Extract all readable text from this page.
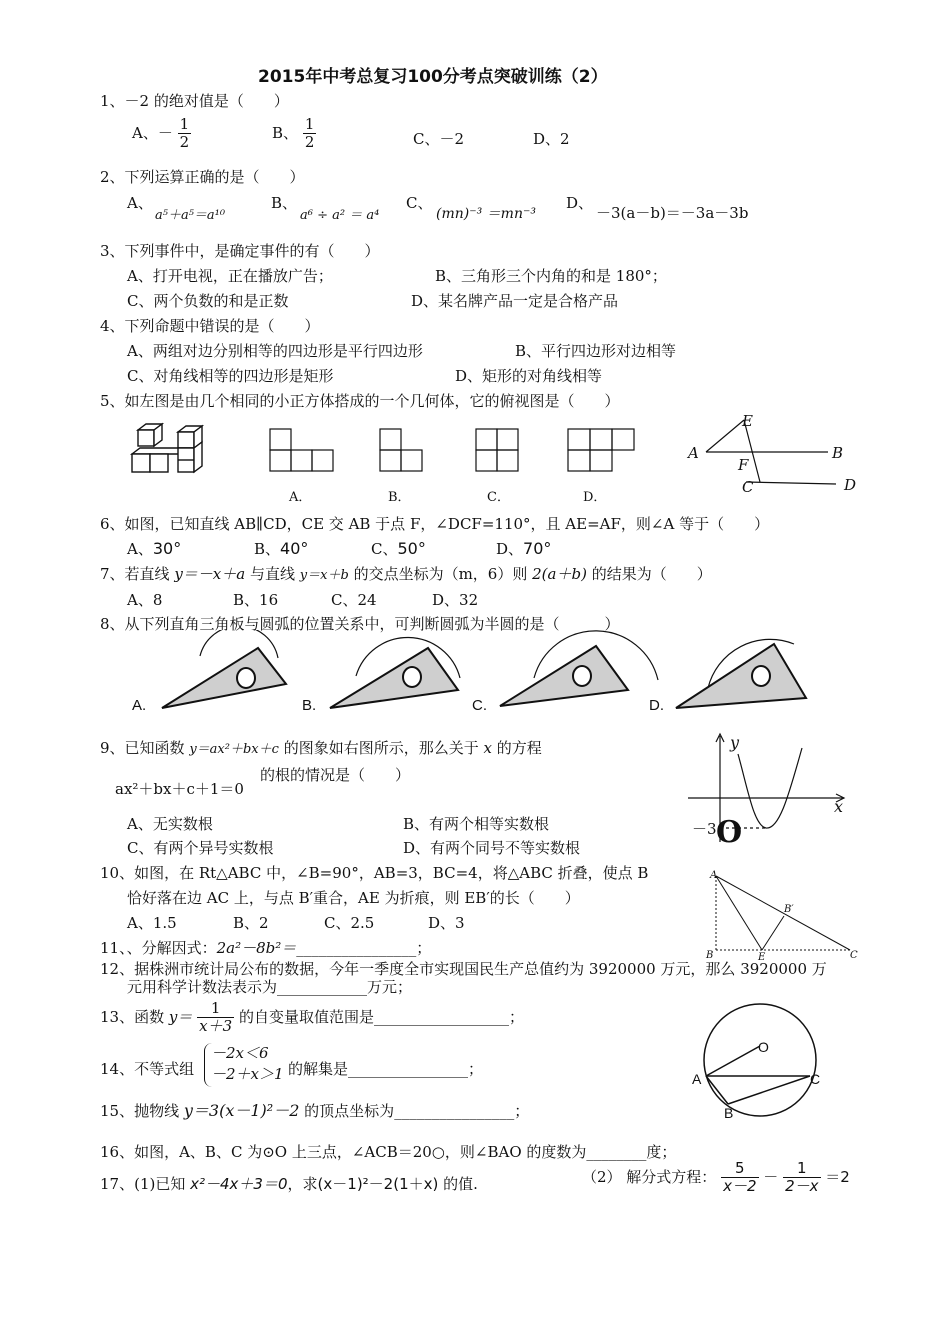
2015年中考总复习100分考点突破训练（2）
1、－2 的绝对值是（　　）
A、－ $\frac{1}{2}$	B、 $\frac{1}{2}$	C、－2	D、2
2、下列运算正确的是（　　）
A、
a⁵＋a⁵＝a¹⁰
B、
a⁶ ÷ a² ＝ a⁴
C、
(mn)⁻³ ＝mn⁻³
D、
－3(a－b)＝－3a－3b
3、下列事件中，是确定事件的有（　　）
A、打开电视，正在播放广告；	B、三角形三个内角的和是 180°；
C、两个负数的和是正数	D、某名牌产品一定是合格产品
4、下列命题中错误的是（　　）
A、两组对边分别相等的四边形是平行四边形	B、平行四边形对边相等
C、对角线相等的四边形是矩形	D、矩形的对角线相等
5、如左图是由几个相同的小正方体搭成的一个几何体，它的俯视图是（　　）
A．	B．	C．	D．
A
E
F
B
C	D
6、如图，已知直线 AB∥CD，CE 交 AB 于点 F，∠DCF=110°，且 AE=AF，则∠A 等于（　　）
A、30°	B、40°	C、50°	D、70°
7、若直线 y＝－x＋a 与直线 y＝x＋b 的交点坐标为（m，6）则 2(a＋b) 的结果为（　　）
A、8	B、16	C、24	D、32
8、从下列直角三角板与圆弧的位置关系中，可判断圆弧为半圆的是（　　　）
A.	B.	C.	D.
9、已知函数 y＝ax²＋bx＋c 的图象如右图所示，那么关于 x 的方程
ax²＋bx＋c＋1＝0
的根的情况是（　　）
A、无实数根	B、有两个相等实数根
C、有两个异号实数根	D、有两个同号不等实数根
y
x
O
－3
10、如图，在 Rt△ABC 中，∠B=90°，AB=3，BC=4，将△ABC 折叠，使点 B
恰好落在边 AC 上，与点 B′重合，AE 为折痕，则 EB′的长（　　）
A、1.5	B、2	C、2.5	D、3
A
B	E	C
B′
11、、分解因式：2a²－8b²＝________________；
12、据株洲市统计局公布的数据，今年一季度全市实现国民生产总值约为 3920000 万元，那么 3920000 万
元用科学计数法表示为____________万元；
13、函数 $y= \frac{1}{x+3}$ 的自变量取值范围是__________________；
14、不等式组
－2x＜6
－2＋x＞1 的解集是________________；
15、抛物线 y＝3(x－1)²－2 的顶点坐标为________________；
O
A
B
C
16、如图，A、B、C 为⊙O 上三点，∠ACB＝20○，则∠BAO 的度数为________度；
17、(1)已知 x²－4x＋3＝0，求(x－1)²－2(1＋x) 的值.	（2） 解分式方程： $\frac{5}{x-2} - \frac{1}{2-x} =2$
